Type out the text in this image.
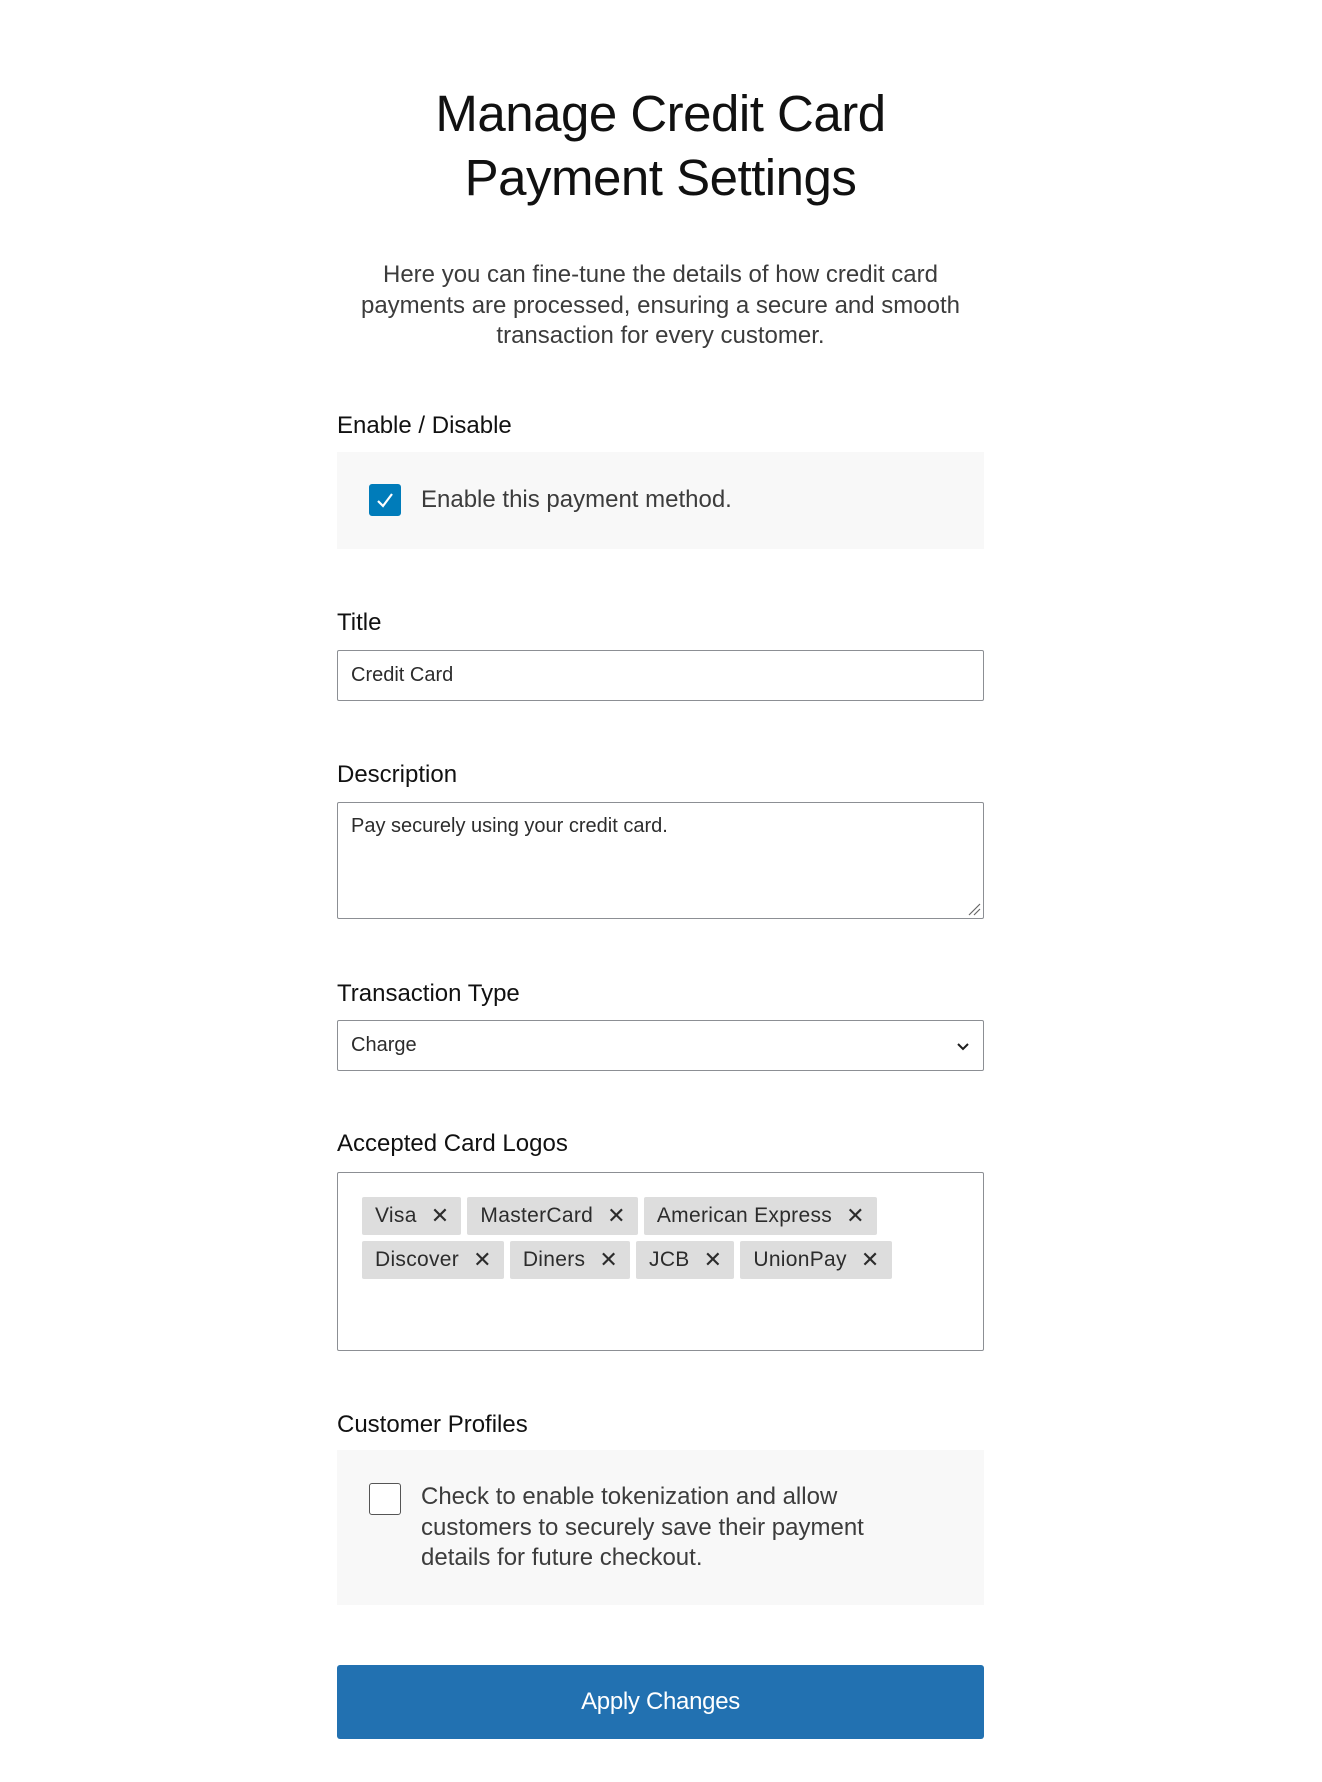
Manage Credit Card Payment Settings

Here you can fine-tune the details of how credit card payments are processed, ensuring a secure and smooth transaction for every customer.

Enable / Disable
Enable this payment method.
Title
Credit Card
Description
Pay securely using your credit card.
Transaction Type
Charge
Accepted Card Logos
Visa ✕ MasterCard ✕ American Express ✕

Discover ✕ Diners ✕ JCB ✕ UnionPay ✕
Customer Profiles
Check to enable tokenization and allow customers to securely save their payment details for future checkout.
Apply Changes
